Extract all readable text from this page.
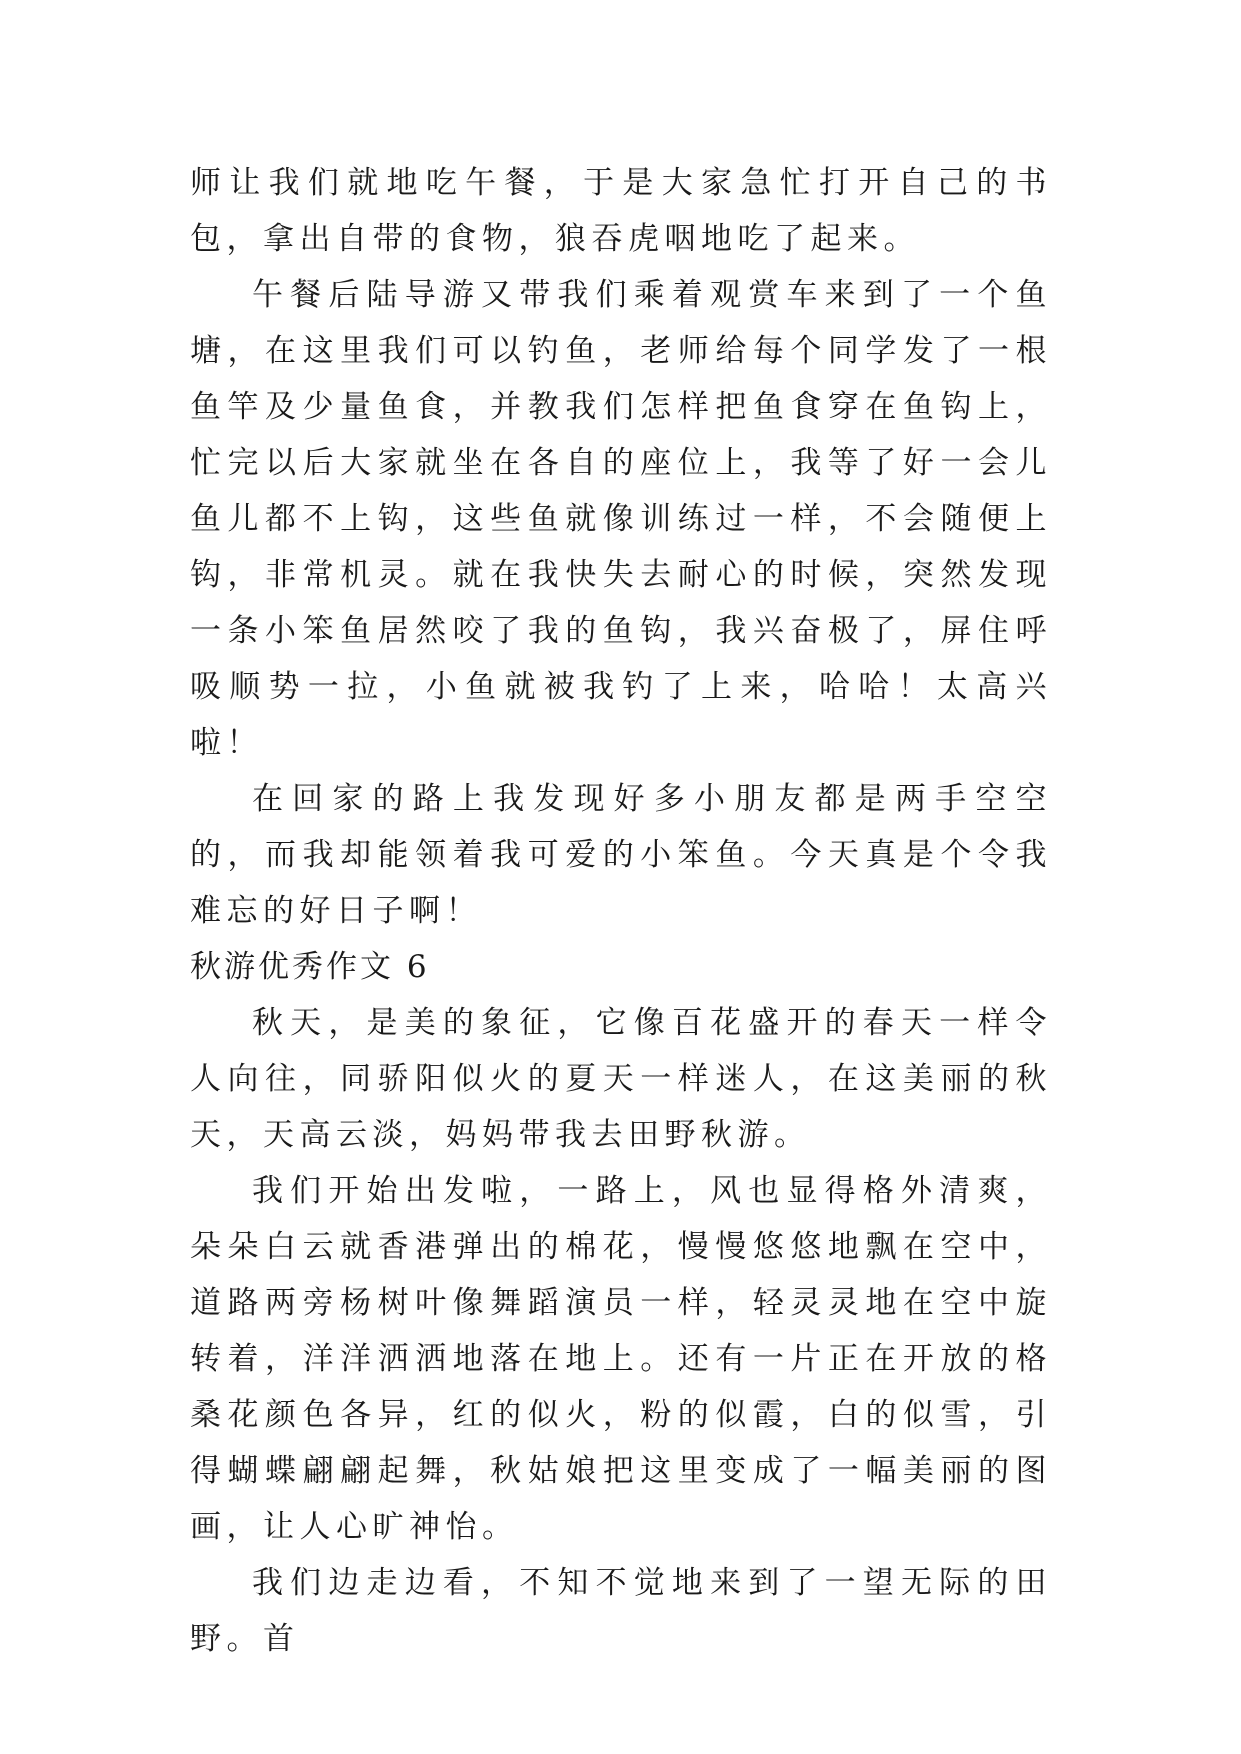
师让我们就地吃午餐，于是大家急忙打开自己的书包，拿出自带的食物，狼吞虎咽地吃了起来。

午餐后陆导游又带我们乘着观赏车来到了一个鱼塘，在这里我们可以钓鱼，老师给每个同学发了一根鱼竿及少量鱼食，并教我们怎样把鱼食穿在鱼钩上，忙完以后大家就坐在各自的座位上，我等了好一会儿鱼儿都不上钩，这些鱼就像训练过一样，不会随便上钩，非常机灵。就在我快失去耐心的时候，突然发现一条小笨鱼居然咬了我的鱼钩，我兴奋极了，屏住呼吸顺势一拉，小鱼就被我钓了上来，哈哈！太高兴啦！

在回家的路上我发现好多小朋友都是两手空空的，而我却能领着我可爱的小笨鱼。今天真是个令我难忘的好日子啊！

秋游优秀作文 6

秋天，是美的象征，它像百花盛开的春天一样令人向往，同骄阳似火的夏天一样迷人，在这美丽的秋天，天高云淡，妈妈带我去田野秋游。

我们开始出发啦，一路上，风也显得格外清爽，朵朵白云就香港弹出的棉花，慢慢悠悠地飘在空中，道路两旁杨树叶像舞蹈演员一样，轻灵灵地在空中旋转着，洋洋洒洒地落在地上。还有一片正在开放的格桑花颜色各异，红的似火，粉的似霞，白的似雪，引得蝴蝶翩翩起舞，秋姑娘把这里变成了一幅美丽的图画，让人心旷神怡。

我们边走边看，不知不觉地来到了一望无际的田野。首
